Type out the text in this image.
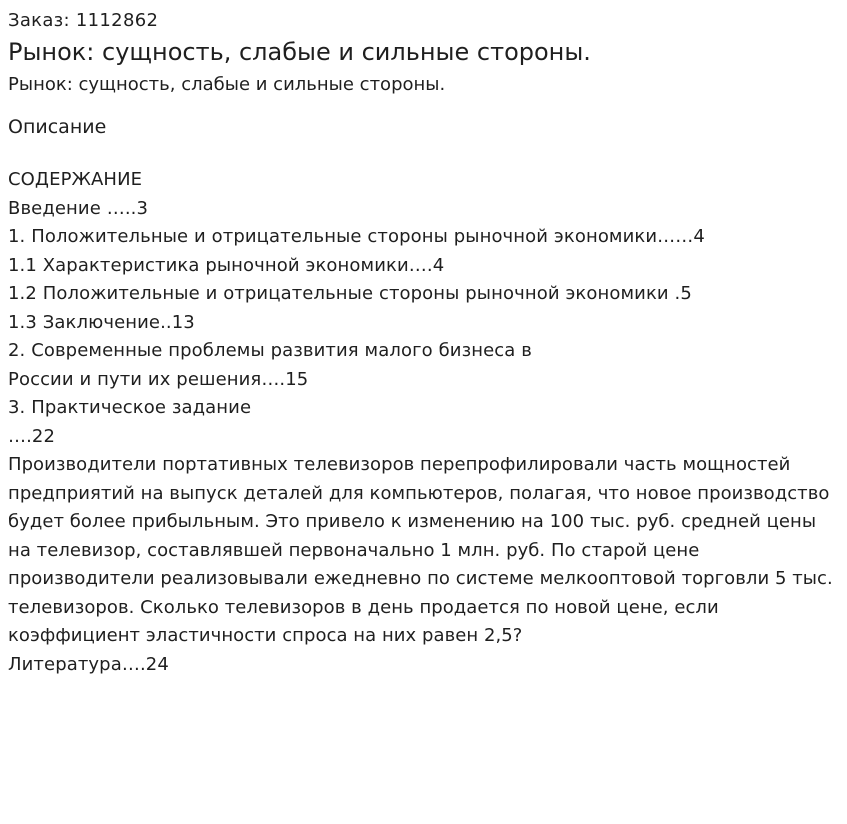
Заказ: 1112862
Рынок: сущность, слабые и сильные стороны.
Рынок: сущность, слабые и сильные стороны.
Описание
СОДЕРЖАНИЕ
Введение …..3
1. Положительные и отрицательные стороны рыночной экономики……4
1.1 Характеристика рыночной экономики….4
1.2 Положительные и отрицательные стороны рыночной экономики .5
1.3 Заключение..13
2. Современные проблемы развития малого бизнеса в
России и пути их решения….15
3. Практическое задание
….22
Производители портативных телевизоров перепрофилировали часть мощностей предприятий на выпуск деталей для компьютеров, полагая, что новое производство будет более прибыльным. Это привело к изменению на 100 тыс. руб. средней цены на телевизор, составлявшей первоначально 1 млн. руб. По старой цене производители реализовывали ежедневно по системе мелкооптовой торговли 5 тыс. телевизоров. Сколько телевизоров в день продается по новой цене, если коэффициент эластичности спроса на них равен 2,5?
Литература….24
